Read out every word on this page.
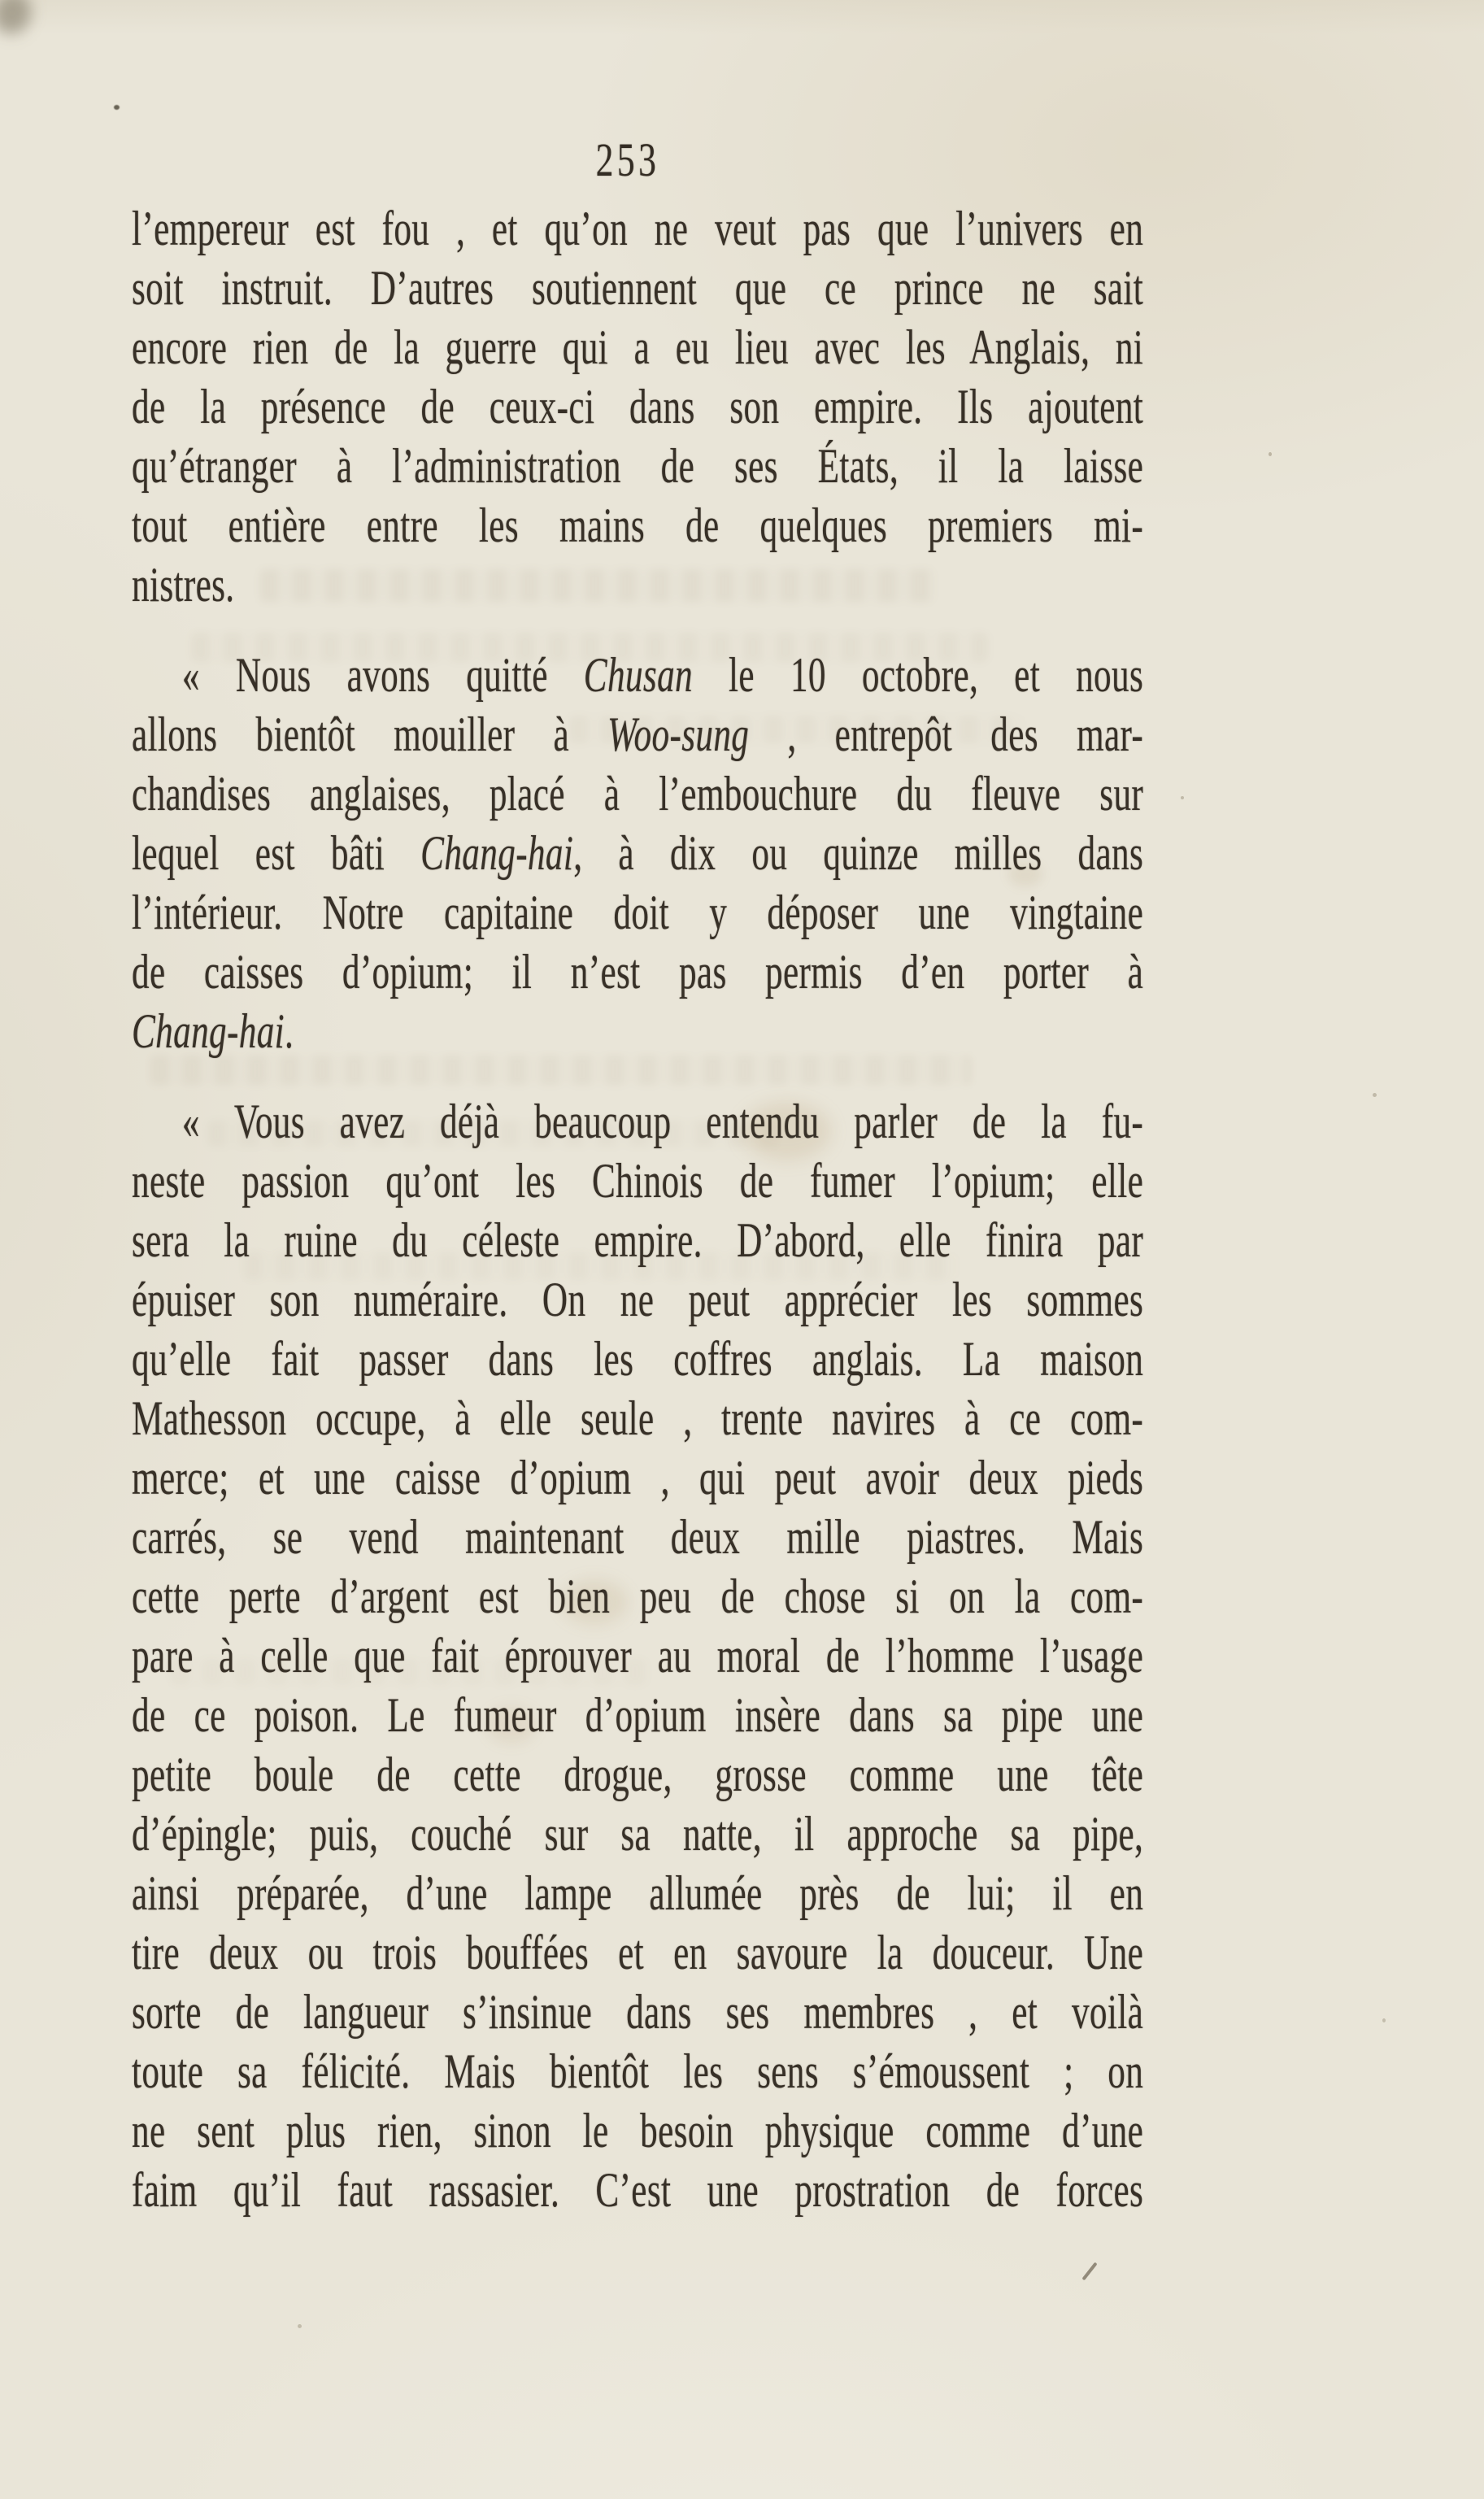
253
l’empereur est fou , et qu’on ne veut pas que l’univers en
soit instruit. D’autres soutiennent que ce prince ne sait
encore rien de la guerre qui a eu lieu avec les Anglais, ni
de la présence de ceux-ci dans son empire. Ils ajoutent
qu’étranger à l’administration de ses États, il la laisse
tout entière entre les mains de quelques premiers mi-
nistres.
« Nous avons quitté Chusan le 10 octobre, et nous
allons bientôt mouiller à Woo-sung , entrepôt des mar-
chandises anglaises, placé à l’embouchure du fleuve sur
lequel est bâti Chang-hai, à dix ou quinze milles dans
l’intérieur. Notre capitaine doit y déposer une vingtaine
de caisses d’opium; il n’est pas permis d’en porter à
Chang-hai.
« Vous avez déjà beaucoup entendu parler de la fu-
neste passion qu’ont les Chinois de fumer l’opium; elle
sera la ruine du céleste empire. D’abord, elle finira par
épuiser son numéraire. On ne peut apprécier les sommes
qu’elle fait passer dans les coffres anglais. La maison
Mathesson occupe, à elle seule , trente navires à ce com-
merce; et une caisse d’opium , qui peut avoir deux pieds
carrés, se vend maintenant deux mille piastres. Mais
cette perte d’argent est bien peu de chose si on la com-
pare à celle que fait éprouver au moral de l’homme l’usage
de ce poison. Le fumeur d’opium insère dans sa pipe une
petite boule de cette drogue, grosse comme une tête
d’épingle; puis, couché sur sa natte, il approche sa pipe,
ainsi préparée, d’une lampe allumée près de lui; il en
tire deux ou trois bouffées et en savoure la douceur. Une
sorte de langueur s’insinue dans ses membres , et voilà
toute sa félicité. Mais bientôt les sens s’émoussent ; on
ne sent plus rien, sinon le besoin physique comme d’une
faim qu’il faut rassasier. C’est une prostration de forces
